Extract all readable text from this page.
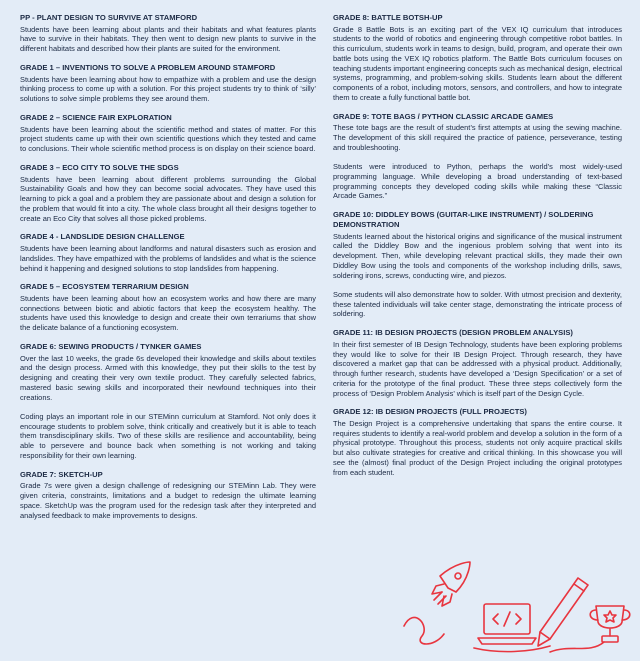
PP - PLANT DESIGN TO SURVIVE AT STAMFORD

Students have been learning about plants and their habitats and what features plants have to survive in their habitats. They then went to design new plants to survive in the different habitats and described how their plants are suited for the environment.

GRADE 1 – INVENTIONS TO SOLVE A PROBLEM AROUND STAMFORD

Students have been learning about how to empathize with a problem and use the design thinking process to come up with a solution. For this project students try to think of ‘silly’ solutions to solve simple problems they see around them.

GRADE 2 – SCIENCE FAIR EXPLORATION

Students have been learning about the scientific method and states of matter. For this project students came up with their own scientific questions which they tested and came to conclusions. Their whole scientific method process is on display on their science board.

GRADE 3 – ECO CITY TO SOLVE THE SDGS

Students have been learning about different problems surrounding the Global Sustainability Goals and how they can become social advocates. They have used this learning to pick a goal and a problem they are passionate about and design a solution for the problem that would fit into a city. The whole class brought all their designs together to create an Eco City that solves all those picked problems.

GRADE 4 - LANDSLIDE DESIGN CHALLENGE

Students have been learning about landforms and natural disasters such as erosion and landslides. They have empathized with the problems of landslides and what is the science behind it happening and designed solutions to stop landslides from happening.

GRADE 5 – ECOSYSTEM TERRARIUM DESIGN

Students have been learning about how an ecosystem works and how there are many connections between biotic and abiotic factors that keep the ecosystem healthy. The students have used this knowledge to design and create their own terrariums that show the delicate balance of a functioning ecosystem.

GRADE 6: SEWING PRODUCTS / TYNKER GAMES

Over the last 10 weeks, the grade 6s developed their knowledge and skills about textiles and the design process. Armed with this knowledge, they put their skills to the test by designing and creating their very own textile product. They carefully selected fabrics, mastered basic sewing skills and incorporated their newfound techniques into their creations.

Coding plays an important role in our STEMinn curriculum at Stamford. Not only does it encourage students to problem solve, think critically and creatively but it is able to teach them transdisciplinary skills. Two of these skills are resilience and accountability, being able to persevere and bounce back when something is not working and taking responsibility for their own learning.

GRADE 7: SKETCH-UP

Grade 7s were given a design challenge of redesigning our STEMinn Lab. They were given criteria, constraints, limitations and a budget to redesign the ultimate learning space. SketchUp was the program used for the redesign task after they interpreted and analysed feedback to make improvements to designs.

GRADE 8: BATTLE BOTSH-UP

Grade 8 Battle Bots is an exciting part of the VEX IQ curriculum that introduces students to the world of robotics and engineering through competitive robot battles. In this curriculum, students work in teams to design, build, program, and operate their own battle bots using the VEX IQ robotics platform. The Battle Bots curriculum focuses on teaching students important engineering concepts such as mechanical design, electrical systems, programming, and problem-solving skills. Students learn about the different components of a robot, including motors, sensors, and controllers, and how to integrate them to create a fully functional battle bot.

GRADE 9: TOTE BAGS / PYTHON CLASSIC ARCADE GAMES

These tote bags are the result of student’s first attempts at using the sewing machine. The development of this skill required the practice of patience, perseverance, testing and troubleshooting.

Students were introduced to Python, perhaps the world’s most widely-used programming language. While developing a broad understanding of text-based programming concepts they developed coding skills while making these “Classic Arcade Games.”

GRADE 10: DIDDLEY BOWS (GUITAR-LIKE INSTRUMENT) / SOLDERING DEMONSTRATION

Students learned about the historical origins and significance of the musical instrument called the Diddley Bow and the ingenious problem solving that went into its development. Then, while developing relevant practical skills, they made their own Diddley Bow using the tools and components of the workshop including drills, saws, soldering irons, screws, conducting wire, and piezos.

Some students will also demonstrate how to solder. With utmost precision and dexterity, these talented individuals will take center stage, demonstrating the intricate process of soldering.

GRADE 11: IB DESIGN PROJECTS (DESIGN PROBLEM ANALYSIS)

In their first semester of IB Design Technology, students have been exploring problems they would like to solve for their IB Design Project. Through research, they have discovered a market gap that can be addressed with a physical product. Additionally, through further research, students have developed a ‘Design Specification’ or a set of criteria for the prototype of the final product. These three steps collectively form the process of ‘Design Problem Analysis’ which is itself part of the Design Cycle.

GRADE 12: IB DESIGN PROJECTS (FULL PROJECTS)

The Design Project is a comprehensive undertaking that spans the entire course. It requires students to identify a real-world problem and develop a solution in the form of a physical prototype. Throughout this process, students not only acquire practical skills but also cultivate strategies for creative and critical thinking. In this showcase you will see the (almost) final product of the Design Project including the original prototypes from each student.
